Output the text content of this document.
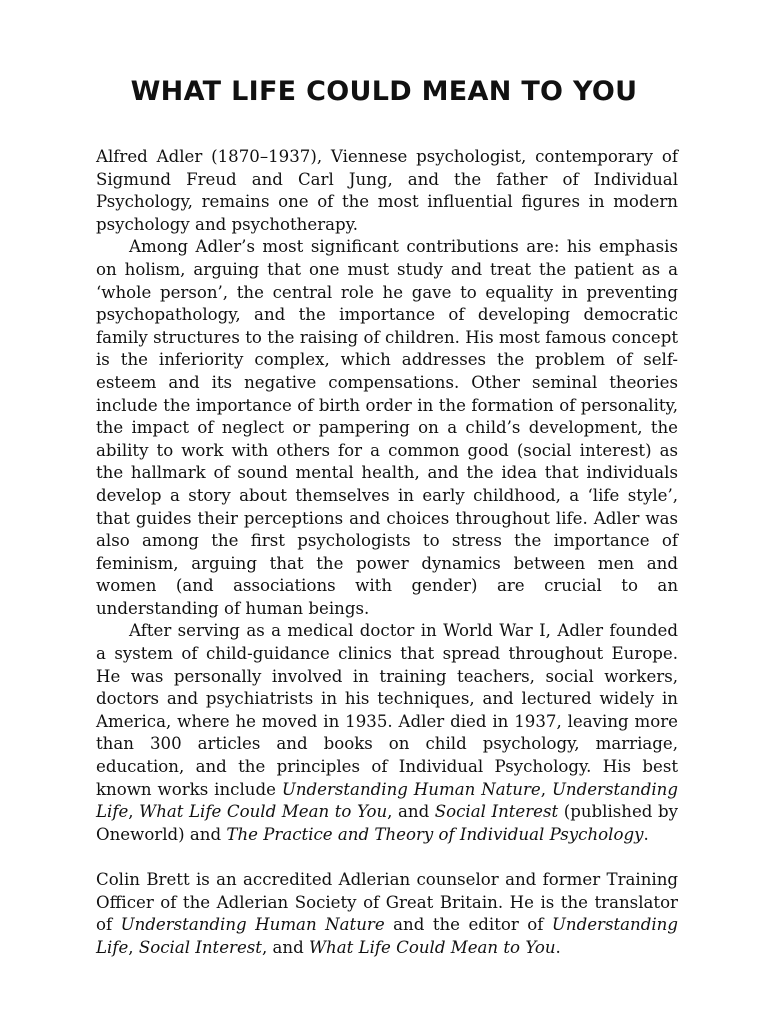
WHAT LIFE COULD MEAN TO YOU

Alfred Adler (1870–1937), Viennese psychologist, contemporary of Sigmund Freud and Carl Jung, and the father of Individual Psychology, remains one of the most influential figures in modern psychology and psychotherapy.

Among Adler’s most significant contributions are: his emphasis on holism, arguing that one must study and treat the patient as a ‘whole person’, the central role he gave to equality in preventing psychopathology, and the importance of developing democratic family structures to the raising of children. His most famous concept is the inferiority complex, which addresses the problem of self-esteem and its negative compensations. Other seminal theories include the importance of birth order in the formation of personality, the impact of neglect or pampering on a child’s development, the ability to work with others for a common good (social interest) as the hallmark of sound mental health, and the idea that individuals develop a story about themselves in early childhood, a ‘life style’, that guides their perceptions and choices throughout life. Adler was also among the first psychologists to stress the importance of feminism, arguing that the power dynamics between men and women (and associations with gender) are crucial to an understanding of human beings.

After serving as a medical doctor in World War I, Adler founded a system of child-guidance clinics that spread throughout Europe. He was personally involved in training teachers, social workers, doctors and psychiatrists in his techniques, and lectured widely in America, where he moved in 1935. Adler died in 1937, leaving more than 300 articles and books on child psychology, marriage, education, and the principles of Individual Psychology. His best known works include Understanding Human Nature, Understanding Life, What Life Could Mean to You, and Social Interest (published by Oneworld) and The Practice and Theory of Individual Psychology.

Colin Brett is an accredited Adlerian counselor and former Training Officer of the Adlerian Society of Great Britain. He is the translator of Understanding Human Nature and the editor of Understanding Life, Social Interest, and What Life Could Mean to You.
